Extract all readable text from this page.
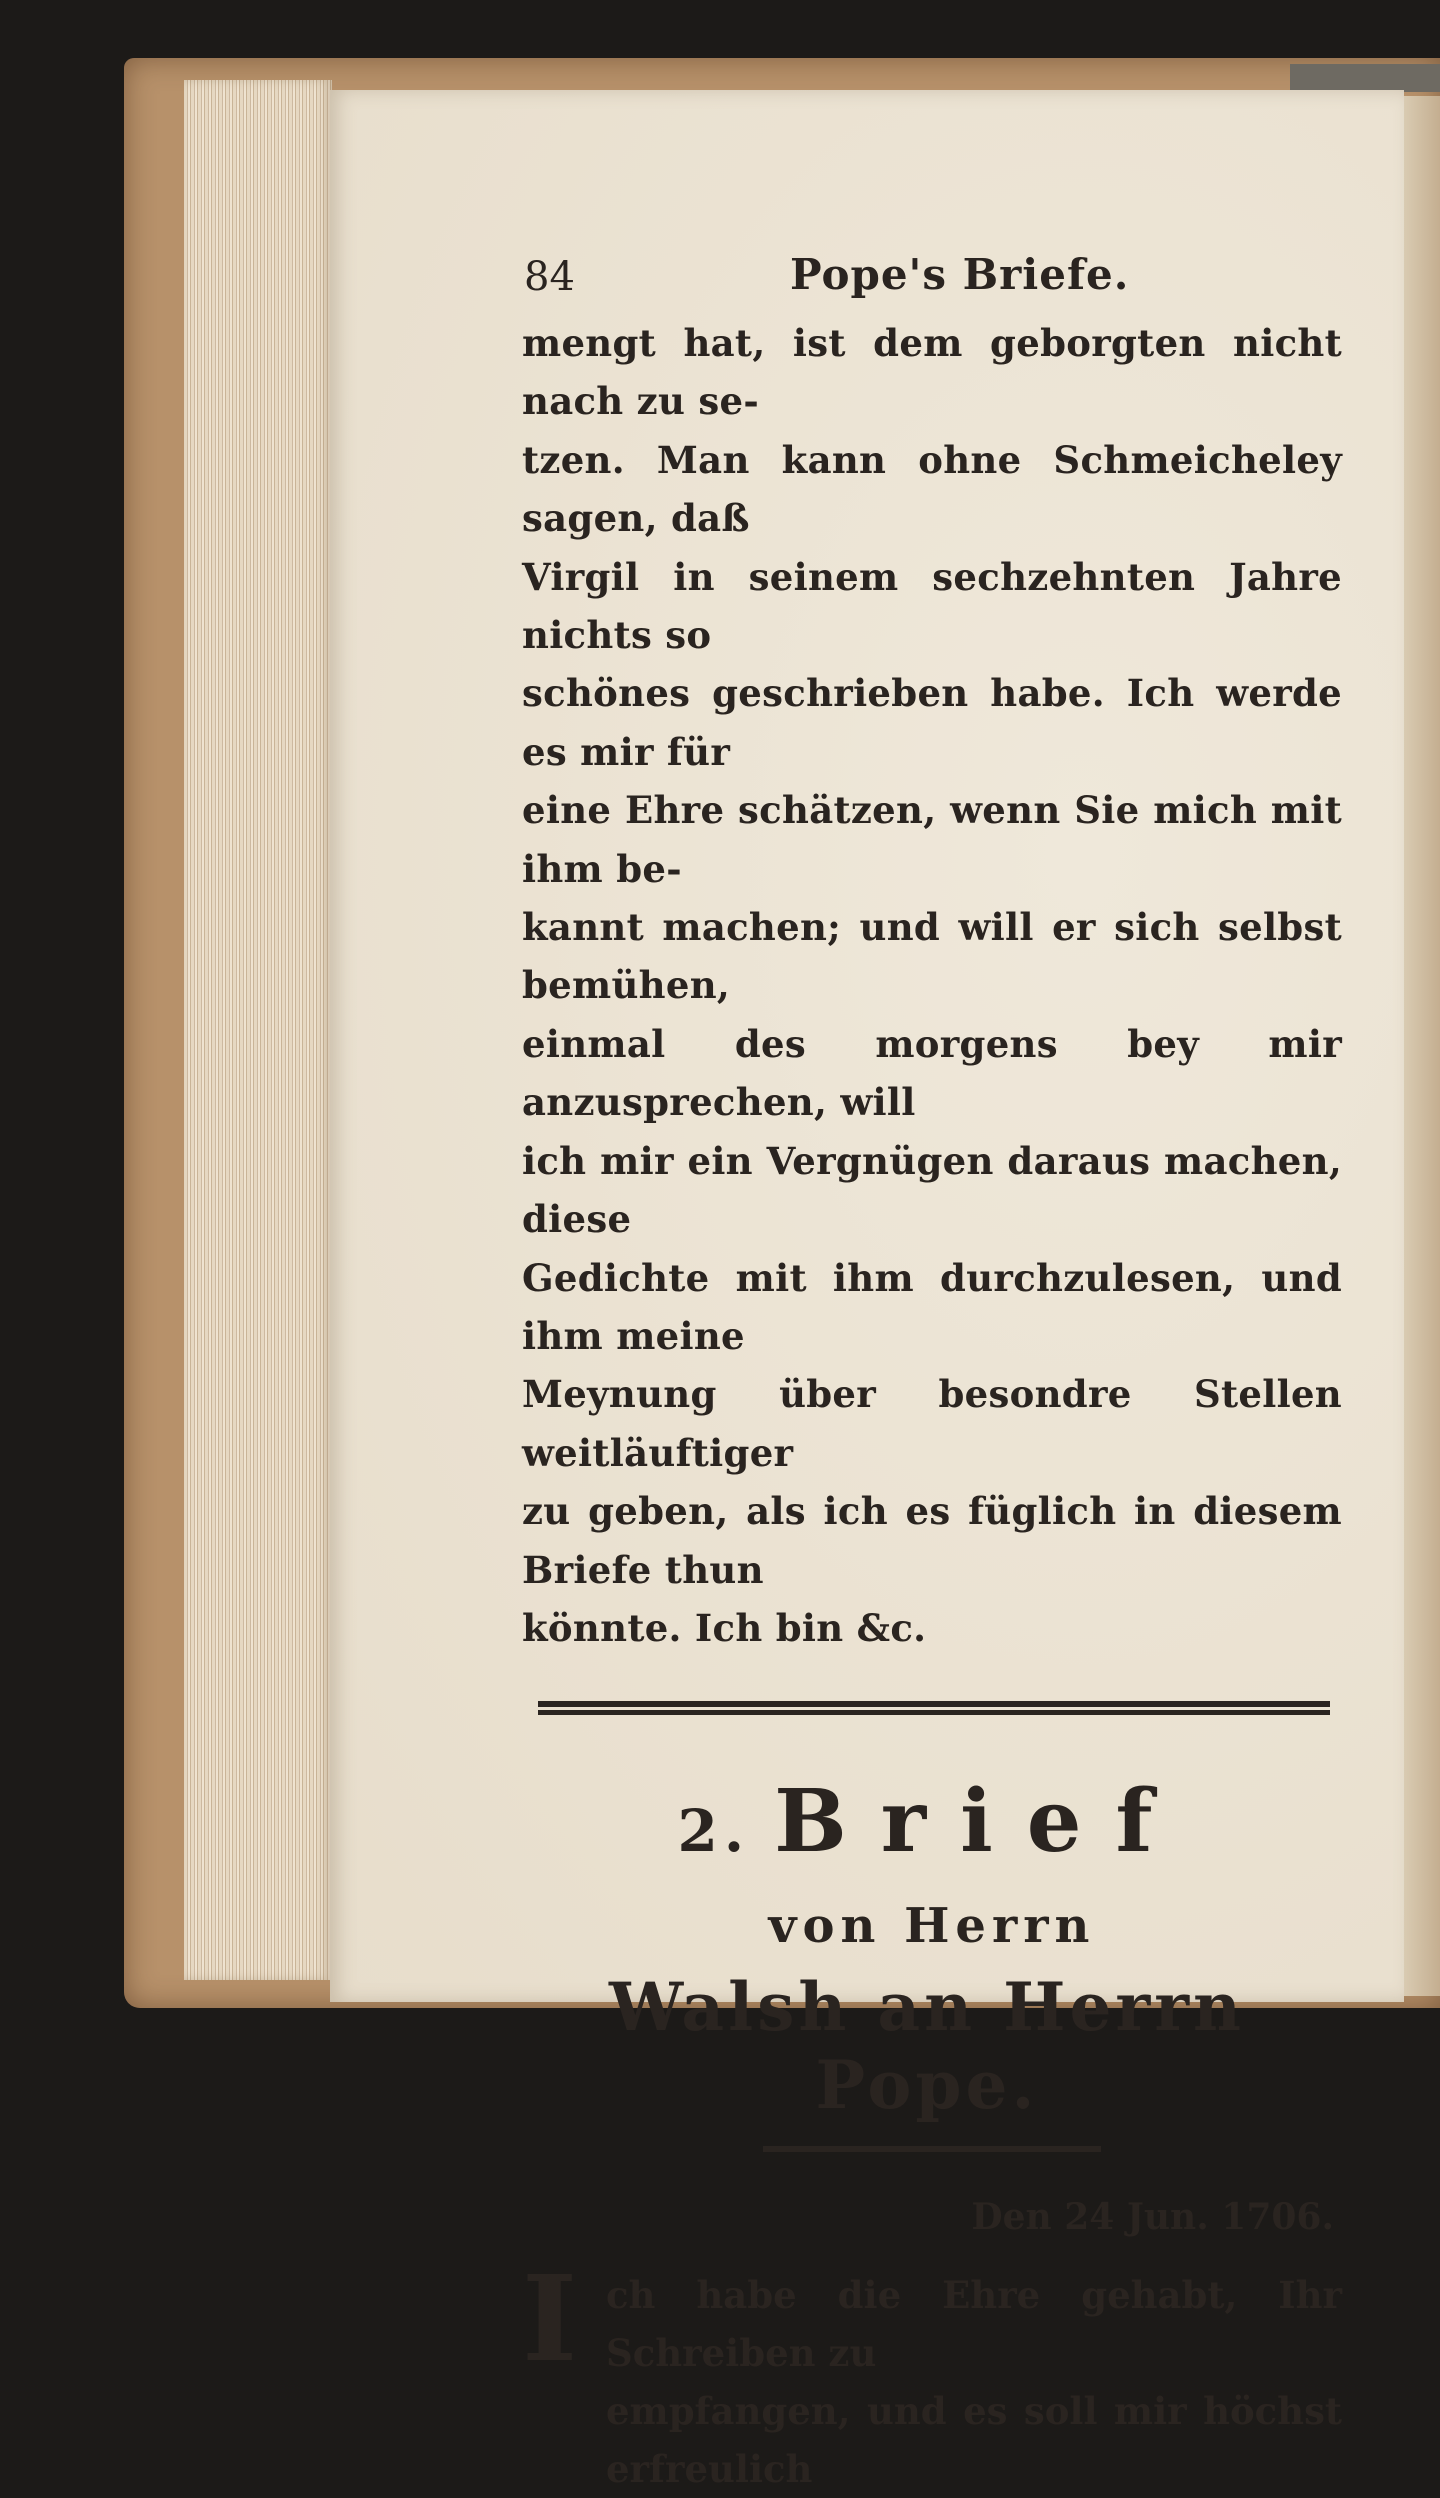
84	Pope's Briefe.

mengt hat, ist dem geborgten nicht nach zu se-

tzen. Man kann ohne Schmeicheley sagen, daß

Virgil in seinem sechzehnten Jahre nichts so

schönes geschrieben habe. Ich werde es mir für

eine Ehre schätzen, wenn Sie mich mit ihm be-

kannt machen; und will er sich selbst bemühen,

einmal des morgens bey mir anzusprechen, will

ich mir ein Vergnügen daraus machen, diese

Gedichte mit ihm durchzulesen, und ihm meine

Meynung über besondre Stellen weitläuftiger

zu geben, als ich es füglich in diesem Briefe thun

könnte. Ich bin &c.

2. Brief
von Herrn
Walsh an Herrn Pope.
Den 24 Jun. 1706.
I ch habe die Ehre gehabt, Ihr Schreiben zu
empfangen, und es soll mir höchst erfreulich
